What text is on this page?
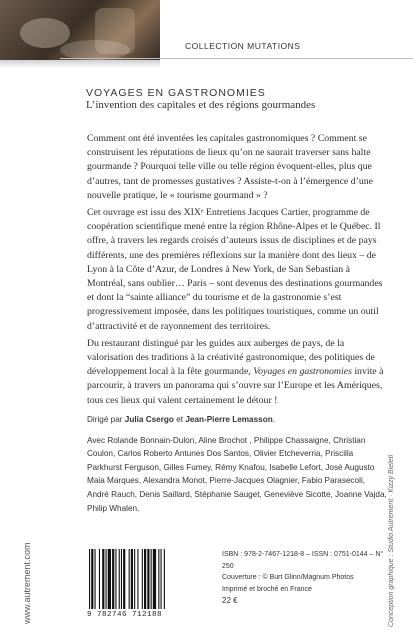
COLLECTION MUTATIONS
VOYAGES EN GASTRONOMIES
L’invention des capitales et des régions gourmandes

Comment ont été inventées les capitales gastronomiques ? Comment se construisent les réputations de lieux qu’on ne saurait traverser sans halte gourmande ? Pourquoi telle ville ou telle région évoquent-elles, plus que d’autres, tant de promesses gustatives ? Assiste-t-on à l’émergence d’une nouvelle pratique, le « tourisme gourmand » ?

Cet ouvrage est issu des XIXᵉ Entretiens Jacques Cartier, programme de coopération scientifique mené entre la région Rhône-Alpes et le Québec. Il offre, à travers les regards croisés d’auteurs issus de disciplines et de pays différents, une des premières réflexions sur la manière dont des lieux – de Lyon à la Côte d’Azur, de Londres à New York, de San Sebastian à Montréal, sans oublier… Paris – sont devenus des destinations gourmandes et dont la “sainte alliance” du tourisme et de la gastronomie s’est progressivement imposée, dans les politiques touristiques, comme un outil d’attractivité et de rayonnement des territoires.

Du restaurant distingué par les guides aux auberges de pays, de la valorisation des traditions à la créativité gastronomique, des politiques de développement local à la fête gourmande, Voyages en gastronomies invite à parcourir, à travers un panorama qui s’ouvre sur l’Europe et les Amériques, tous ces lieux qui valent certainement le détour !

Dirigé par Julia Csergo et Jean-Pierre Lemasson.

Avec Rolande Bonnain-Dulon, Aline Brochot , Philippe Chassaigne, Christian Coulon, Carlos Roberto Antunes Dos Santos, Olivier Etcheverria, Priscilla Parkhurst Ferguson, Gilles Fumey, Rémy Knafou, Isabelle Lefort, José Augusto Maia Marques, Alexandra Monot, Pierre-Jacques Olagnier, Fabio Parasecoli, André Rauch, Denis Saillard, Stéphanie Sauget, Geneviève Sicotte, Joanne Vajda, Philip Whalen.

www.autrement.com	Conception graphique : Studio Autrement · Kizzy Bieleti
9 782746 712188

ISBN : 978-2-7467-1218-8 – ISSN : 0751-0144 – N° 250

Couverture : © Burt Glinn/Magnum Photos

Imprimé et broché en France

22 €
